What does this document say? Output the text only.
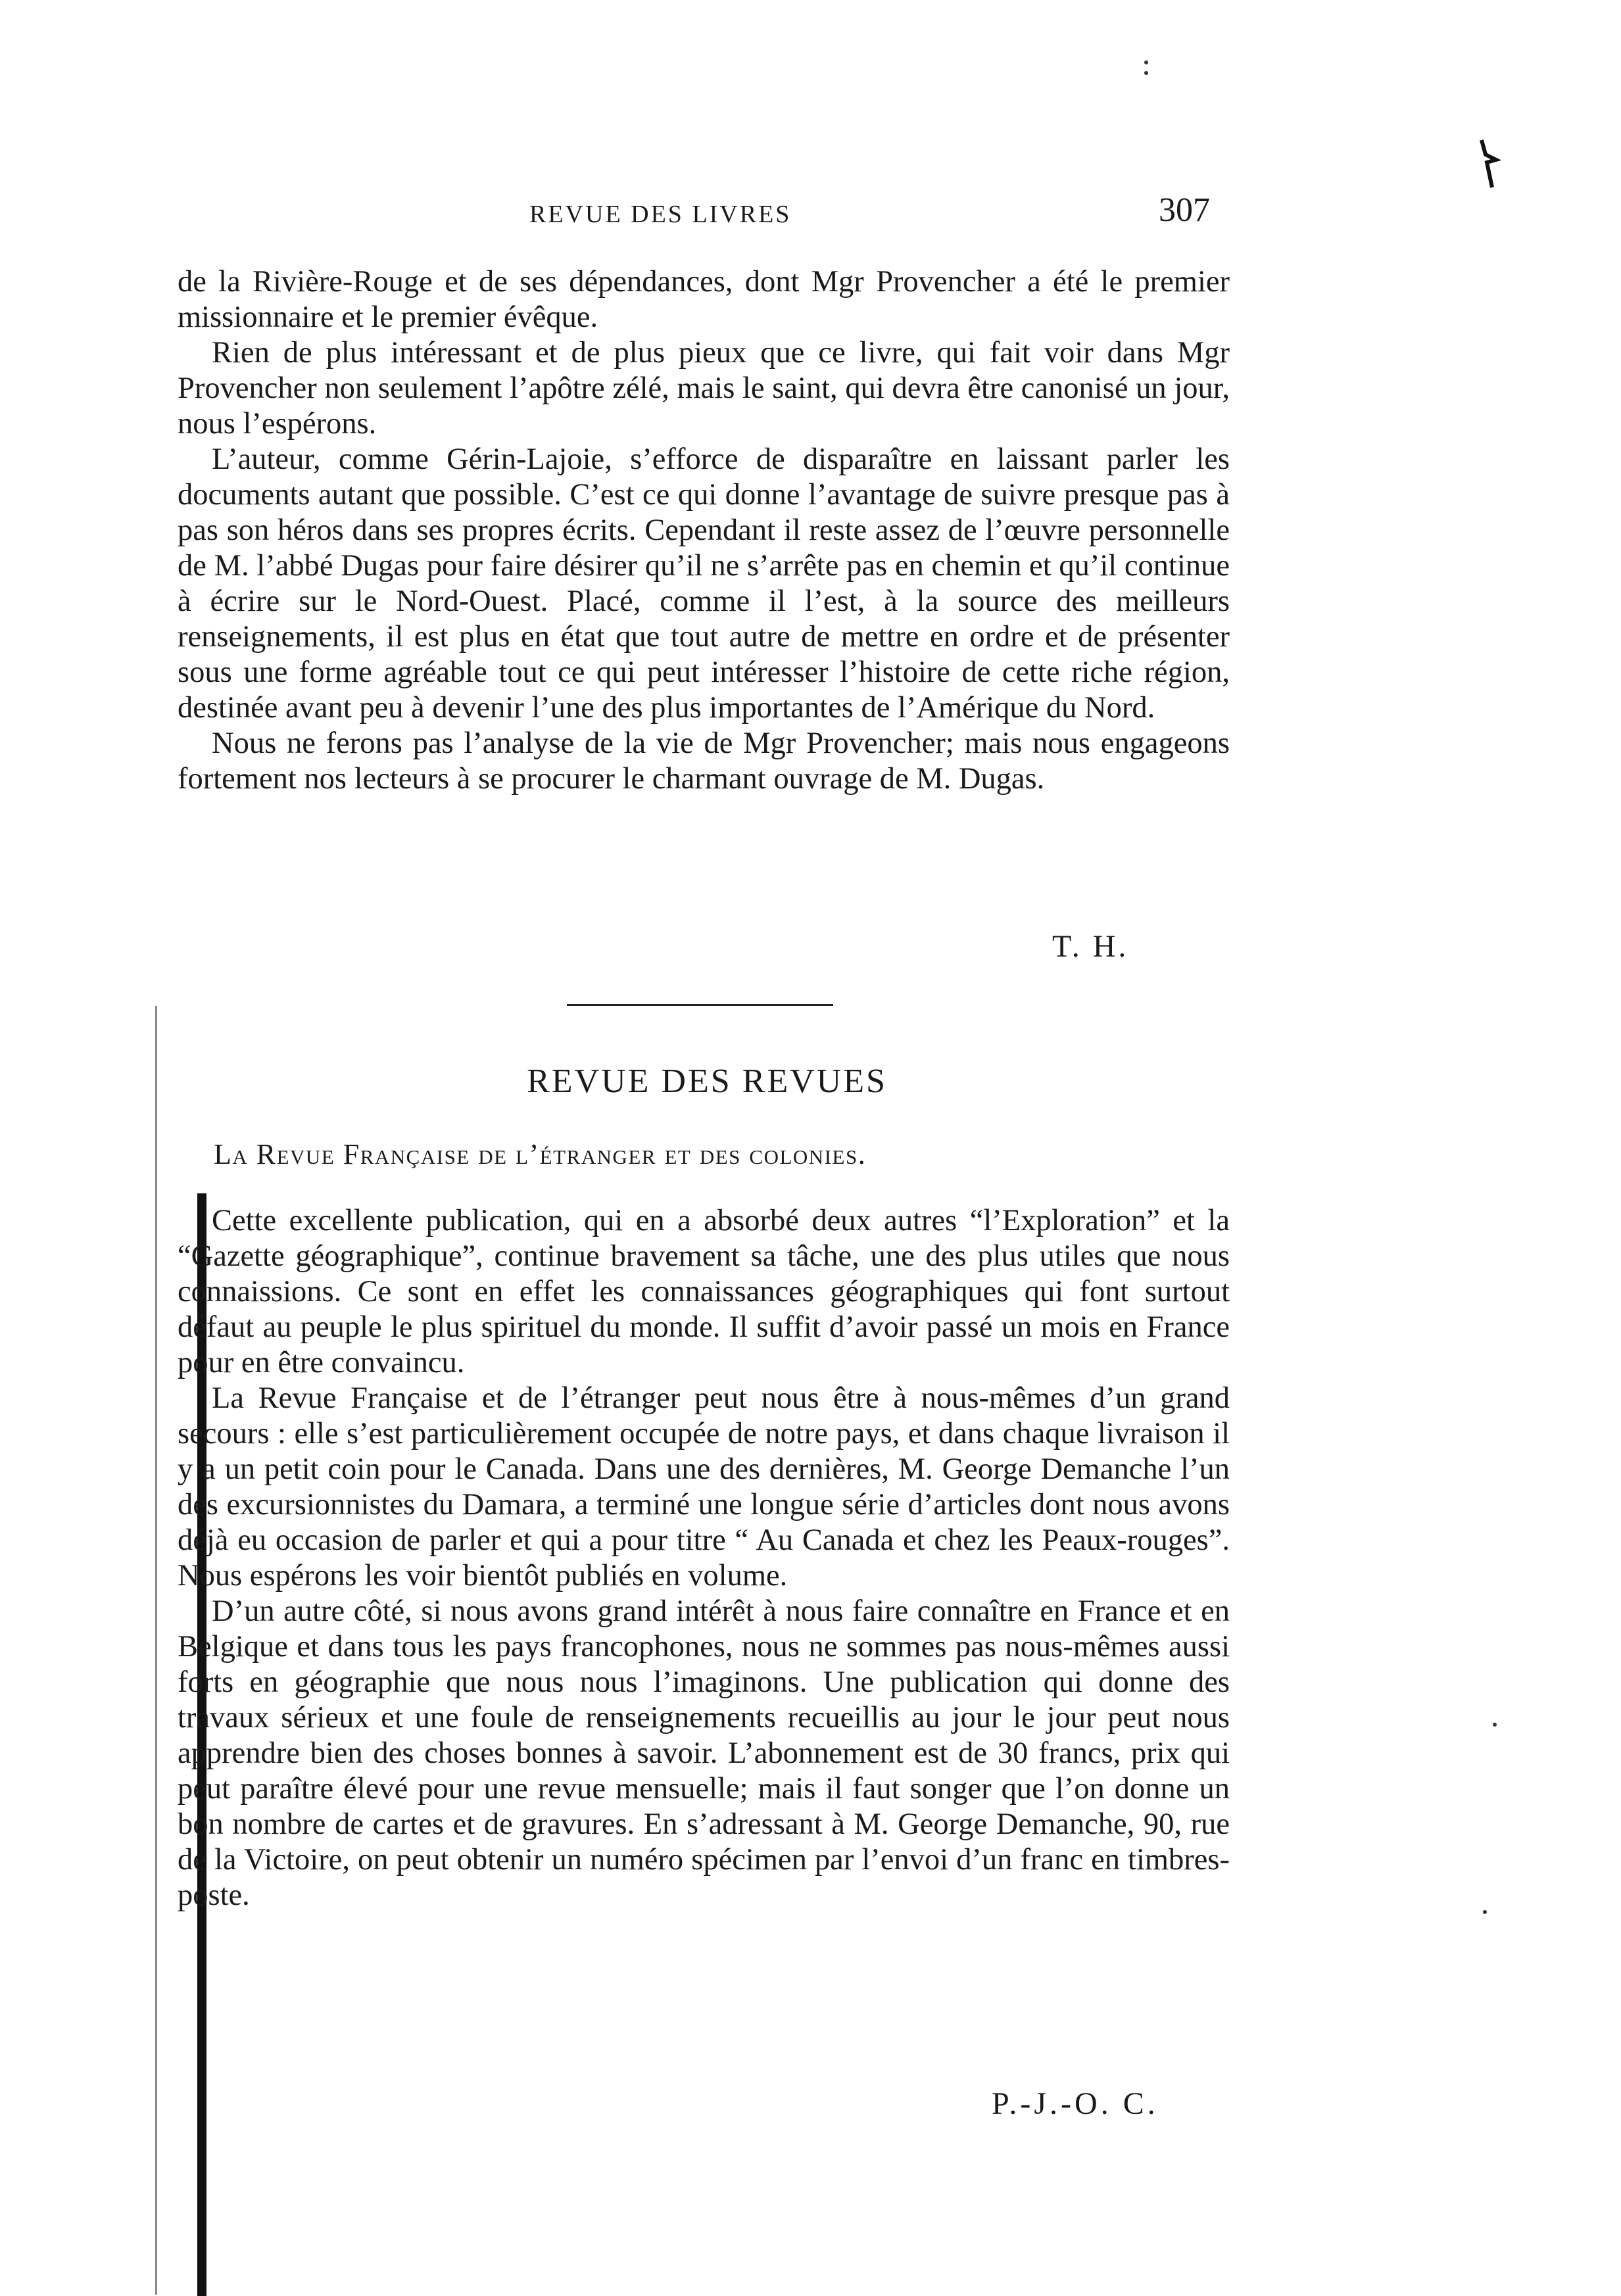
REVUE DES LIVRES	307

de la Rivière-Rouge et de ses dépendances, dont Mgr Provencher a été le premier missionnaire et le premier évêque.

Rien de plus intéressant et de plus pieux que ce livre, qui fait voir dans Mgr Provencher non seulement l’apôtre zélé, mais le saint, qui devra être canonisé un jour, nous l’espérons.

L’auteur, comme Gérin-Lajoie, s’efforce de disparaître en laissant parler les documents autant que possible. C’est ce qui donne l’avantage de suivre presque pas à pas son héros dans ses propres écrits. Cependant il reste assez de l’œuvre personnelle de M. l’abbé Dugas pour faire désirer qu’il ne s’arrête pas en chemin et qu’il continue à écrire sur le Nord-Ouest. Placé, comme il l’est, à la source des meilleurs renseignements, il est plus en état que tout autre de mettre en ordre et de présenter sous une forme agréable tout ce qui peut intéresser l’histoire de cette riche région, destinée avant peu à devenir l’une des plus importantes de l’Amérique du Nord.

Nous ne ferons pas l’analyse de la vie de Mgr Provencher; mais nous engageons fortement nos lecteurs à se procurer le charmant ouvrage de M. Dugas.

T. H.
REVUE DES REVUES
La Revue Française de l’étranger et des colonies.

Cette excellente publication, qui en a absorbé deux autres “l’Exploration” et la “Gazette géographique”, continue bravement sa tâche, une des plus utiles que nous connaissions. Ce sont en effet les connaissances géographiques qui font surtout défaut au peuple le plus spirituel du monde. Il suffit d’avoir passé un mois en France pour en être convaincu.

La Revue Française et de l’étranger peut nous être à nous-mêmes d’un grand secours : elle s’est particulièrement occupée de notre pays, et dans chaque livraison il y a un petit coin pour le Canada. Dans une des dernières, M. George Demanche l’un des excursionnistes du Damara, a terminé une longue série d’articles dont nous avons déjà eu occasion de parler et qui a pour titre “ Au Canada et chez les Peaux-rouges”. Nous espérons les voir bientôt publiés en volume.

D’un autre côté, si nous avons grand intérêt à nous faire connaître en France et en Belgique et dans tous les pays francophones, nous ne sommes pas nous-mêmes aussi forts en géographie que nous nous l’imaginons. Une publication qui donne des travaux sérieux et une foule de renseignements recueillis au jour le jour peut nous apprendre bien des choses bonnes à savoir. L’abonnement est de 30 francs, prix qui peut paraître élevé pour une revue mensuelle; mais il faut songer que l’on donne un bon nombre de cartes et de gravures. En s’adressant à M. George Demanche, 90, rue de la Victoire, on peut obtenir un numéro spécimen par l’envoi d’un franc en timbres-poste.

P.-J.-O. C.
